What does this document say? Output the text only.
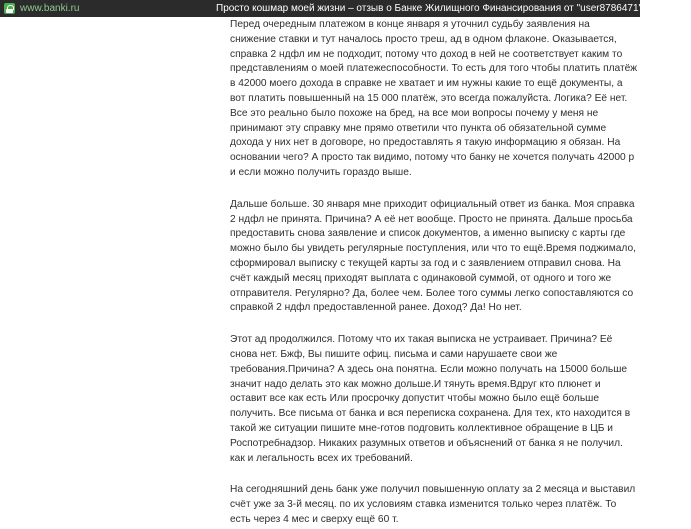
www.banki.ru	Просто кошмар моей жизни – отзыв о Банке Жилищного Финансирования от "user8786471" | Банки.ру

Перед очередным платежом в конце января я уточнил судьбу заявления на снижение ставки и тут началось просто треш, ад в одном флаконе. Оказывается, справка 2 ндфл им не подходит, потому что доход в ней не соответствует каким то представлениям о моей платежеспособности. То есть для того чтобы платить платёж в 42000 моего дохода в справке не хватает и им нужны какие то ещё документы, а вот платить повышенный на 15 000 платёж, это всегда пожалуйста. Логика? Её нет. Все это реально было похоже на бред, на все мои вопросы почему у меня не принимают эту справку мне прямо ответили что пункта об обязательной сумме дохода у них нет в договоре, но предоставлять я такую информацию я обязан. На основании чего? А просто так видимо, потому что банку не хочется получать 42000 р и если можно получить гораздо выше.

Дальше больше. 30 января мне приходит официальный ответ из банка. Моя справка 2 ндфл не принята. Причина? А её нет вообще. Просто не принята. Дальше просьба предоставить снова заявление и список документов, а именно выписку с карты где можно было бы увидеть регулярные поступления, или что то ещё.Время поджимало, сформировал выписку с текущей карты за год и с заявлением отправил снова. На счёт каждый месяц приходят выплата с одинаковой суммой, от одного и того же отправителя. Регулярно? Да, более чем. Более того суммы легко сопоставляются со справкой 2 ндфл предоставленной ранее. Доход? Да! Но нет.

Этот ад продолжился. Потому что их такая выписка не устраивает. Причина? Её снова нет. Бжф, Вы пишите офиц. письма и сами нарушаете свои же требования.Причина? А здесь она понятна. Если можно получать на 15000 больше значит надо делать это как можно дольше.И тянуть время.Вдруг кто плюнет и оставит все как есть Или просрочку допустит чтобы можно было ещё больше получить. Все письма от банка и вся переписка сохранена. Для тех, кто находится в такой же ситуации пишите мне-готов подговить коллективное обращение в ЦБ и Роспотребнадзор. Никаких разумных ответов и объяснений от банка я не получил. как и легальность всех их требований.

На сегодняшний день банк уже получил повышенную оплату за 2 месяца и выставил счёт уже за 3-й месяц. по их условиям ставка изменится только через платёж. То есть через 4 мес и сверху ещё 60 т.
